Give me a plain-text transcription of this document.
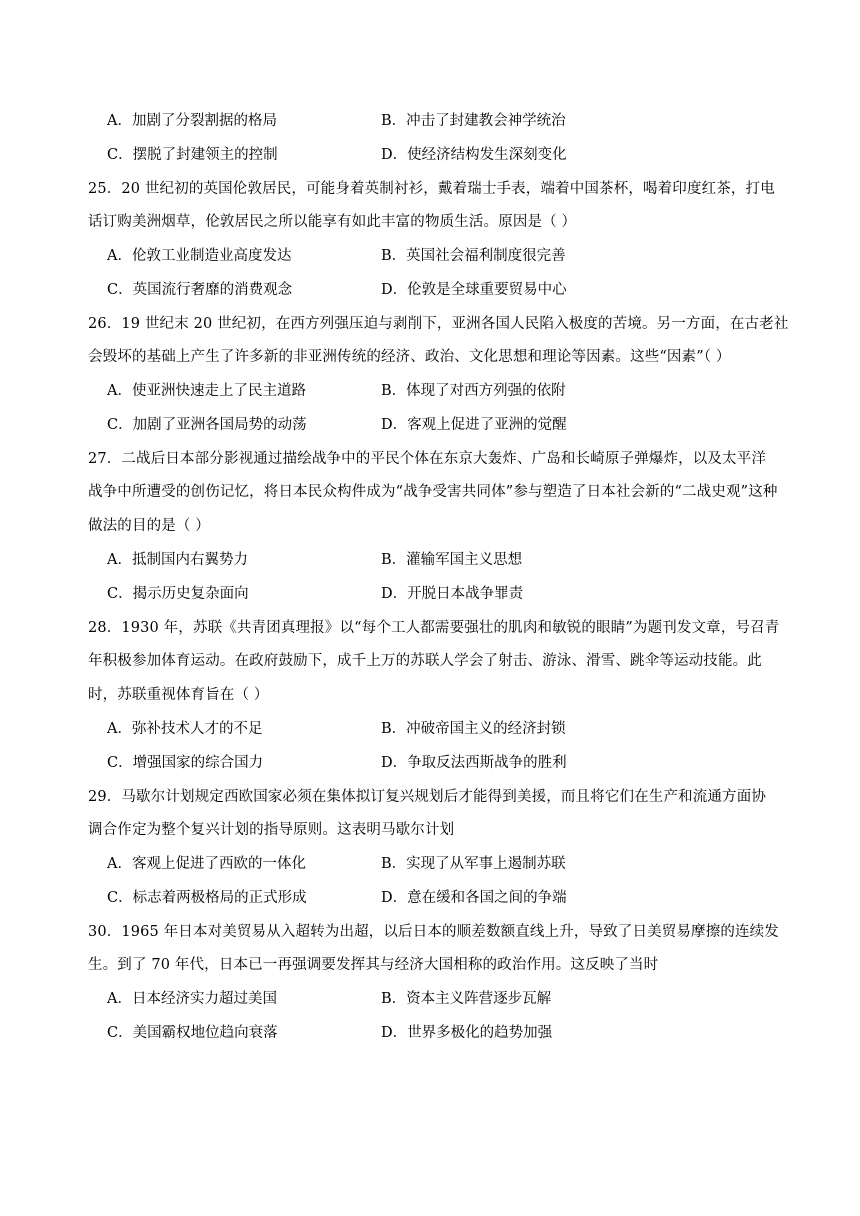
A．加剧了分裂割据的格局	B．冲击了封建教会神学统治
C．摆脱了封建领主的控制	D．使经济结构发生深刻变化
25．20 世纪初的英国伦敦居民，可能身着英制衬衫，戴着瑞士手表，端着中国茶杯，喝着印度红茶，打电
话订购美洲烟草，伦敦居民之所以能享有如此丰富的物质生活。原因是（ ）
A．伦敦工业制造业高度发达	B．英国社会福利制度很完善
C．英国流行奢靡的消费观念	D．伦敦是全球重要贸易中心
26．19 世纪末 20 世纪初，在西方列强压迫与剥削下，亚洲各国人民陷入极度的苦境。另一方面，在古老社
会毁坏的基础上产生了许多新的非亚洲传统的经济、政治、文化思想和理论等因素。这些“因素”（ ）
A．使亚洲快速走上了民主道路	B．体现了对西方列强的依附
C．加剧了亚洲各国局势的动荡	D．客观上促进了亚洲的觉醒
27．二战后日本部分影视通过描绘战争中的平民个体在东京大轰炸、广岛和长崎原子弹爆炸，以及太平洋
战争中所遭受的创伤记忆，将日本民众构件成为“战争受害共同体”参与塑造了日本社会新的“二战史观”这种
做法的目的是（ ）
A．抵制国内右翼势力	B．灌输军国主义思想
C．揭示历史复杂面向	D．开脱日本战争罪责
28．1930 年，苏联《共青团真理报》以“每个工人都需要强壮的肌肉和敏锐的眼睛”为题刊发文章，号召青
年积极参加体育运动。在政府鼓励下，成千上万的苏联人学会了射击、游泳、滑雪、跳伞等运动技能。此
时，苏联重视体育旨在（ ）
A．弥补技术人才的不足	B．冲破帝国主义的经济封锁
C．增强国家的综合国力	D．争取反法西斯战争的胜利
29．马歇尔计划规定西欧国家必须在集体拟订复兴规划后才能得到美援，而且将它们在生产和流通方面协
调合作定为整个复兴计划的指导原则。这表明马歇尔计划
A．客观上促进了西欧的一体化	B．实现了从军事上遏制苏联
C．标志着两极格局的正式形成	D．意在缓和各国之间的争端
30．1965 年日本对美贸易从入超转为出超，以后日本的顺差数额直线上升，导致了日美贸易摩擦的连续发
生。到了 70 年代，日本已一再强调要发挥其与经济大国相称的政治作用。这反映了当时
A．日本经济实力超过美国	B．资本主义阵营逐步瓦解
C．美国霸权地位趋向衰落	D．世界多极化的趋势加强
